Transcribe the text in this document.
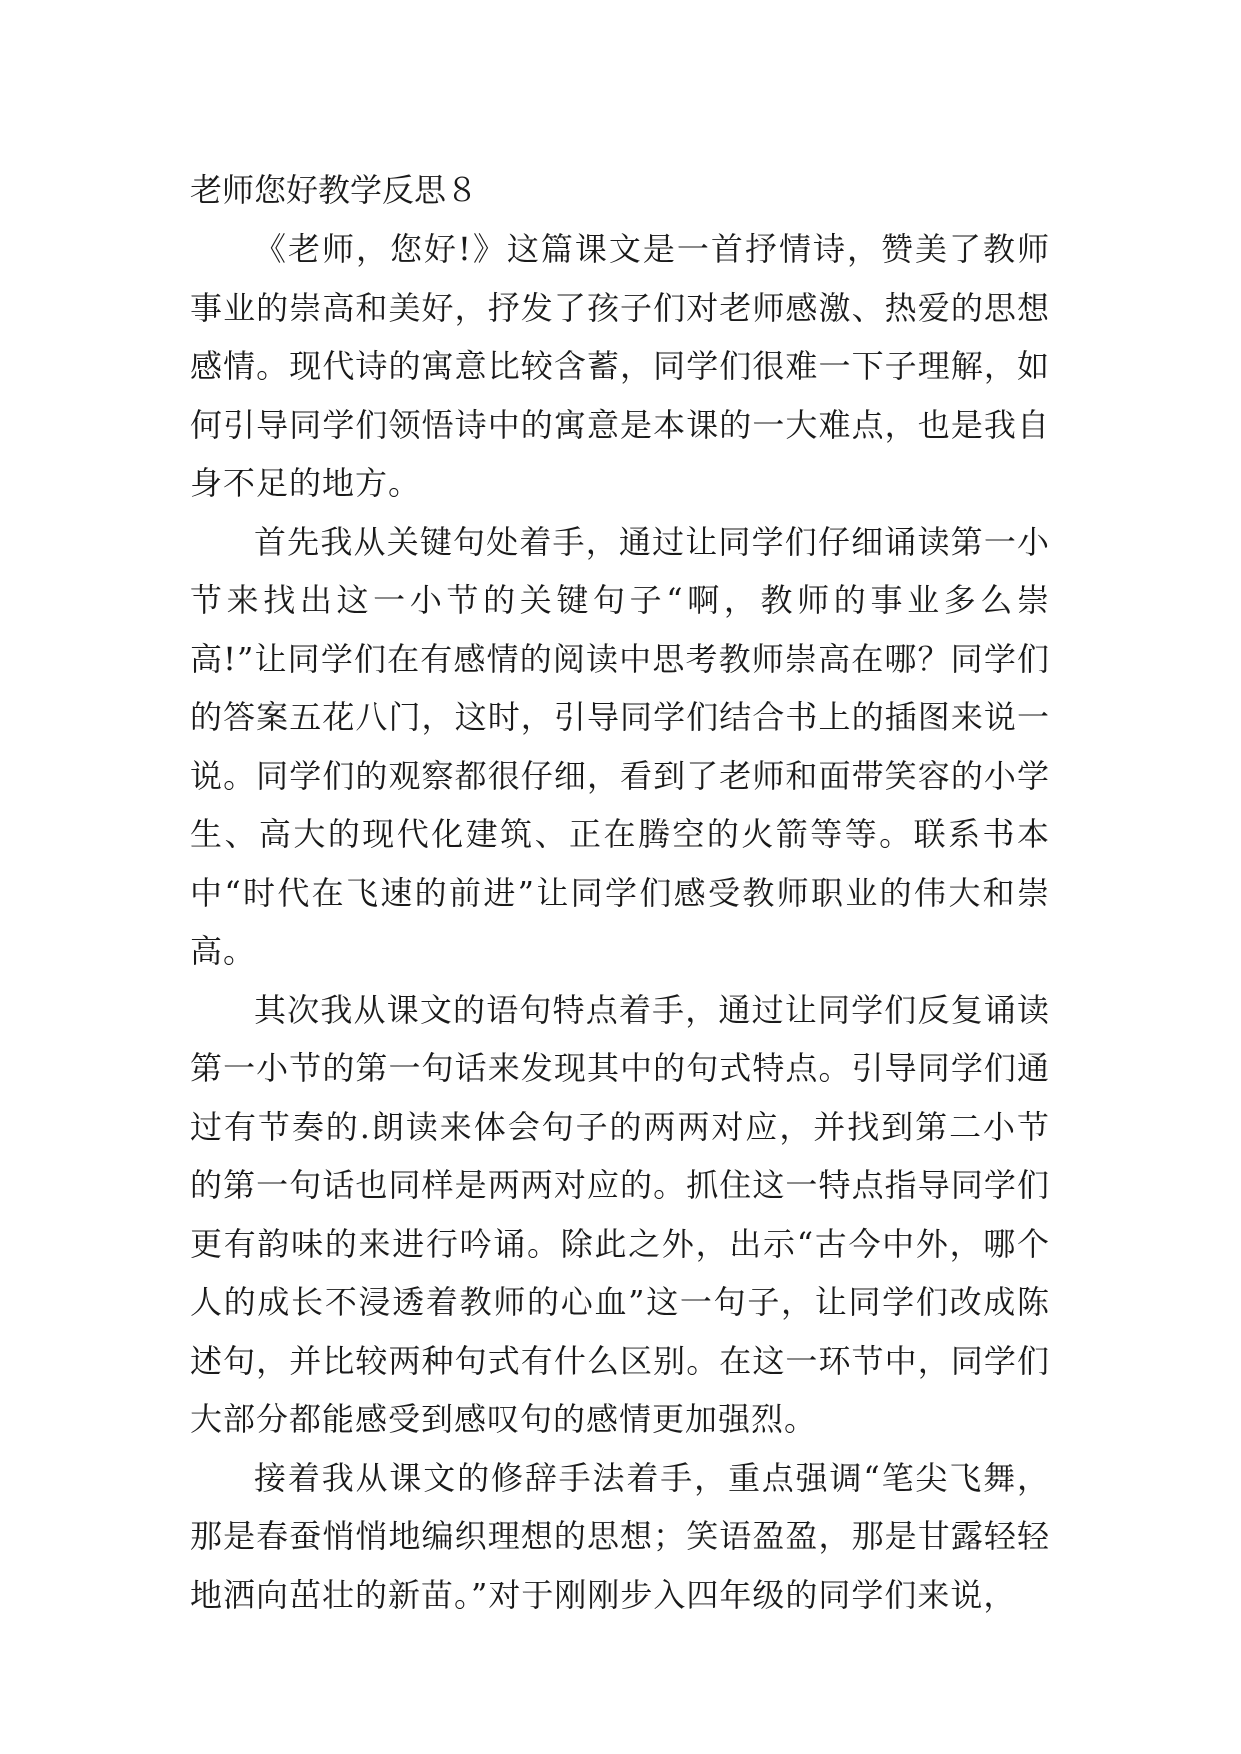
老师您好教学反思８

《老师，您好!》这篇课文是一首抒情诗，赞美了教师事业的崇高和美好，抒发了孩子们对老师感激、热爱的思想感情。现代诗的寓意比较含蓄，同学们很难一下子理解，如何引导同学们领悟诗中的寓意是本课的一大难点，也是我自身不足的地方。

首先我从关键句处着手，通过让同学们仔细诵读第一小节来找出这一小节的关键句子“啊，教师的事业多么崇高!”让同学们在有感情的阅读中思考教师崇高在哪？同学们的答案五花八门，这时，引导同学们结合书上的插图来说一说。同学们的观察都很仔细，看到了老师和面带笑容的小学生、高大的现代化建筑、正在腾空的火箭等等。联系书本中“时代在飞速的前进”让同学们感受教师职业的伟大和崇高。

其次我从课文的语句特点着手，通过让同学们反复诵读第一小节的第一句话来发现其中的句式特点。引导同学们通过有节奏的.朗读来体会句子的两两对应，并找到第二小节的第一句话也同样是两两对应的。抓住这一特点指导同学们更有韵味的来进行吟诵。除此之外，出示“古今中外，哪个人的成长不浸透着教师的心血”这一句子，让同学们改成陈述句，并比较两种句式有什么区别。在这一环节中，同学们大部分都能感受到感叹句的感情更加强烈。

接着我从课文的修辞手法着手，重点强调“笔尖飞舞，那是春蚕悄悄地编织理想的思想；笑语盈盈，那是甘露轻轻地洒向茁壮的新苗。”对于刚刚步入四年级的同学们来说，
